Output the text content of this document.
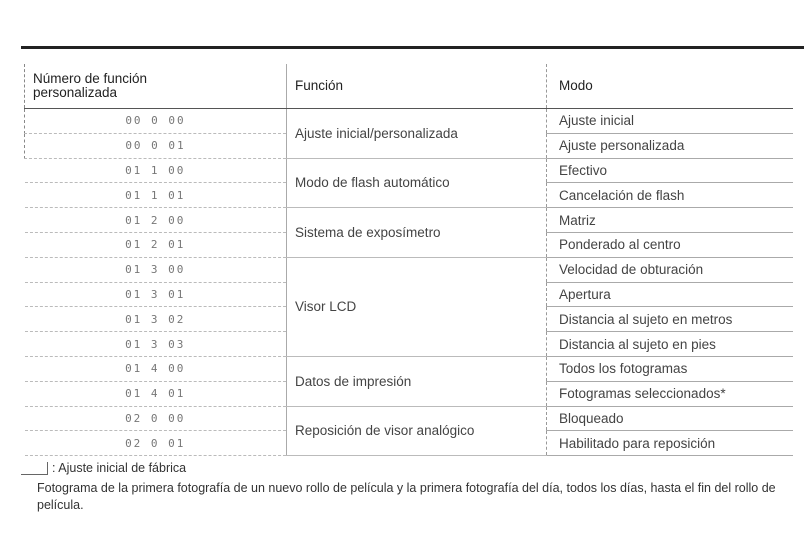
Número de función
personalizada	Función	Modo
00 0 00	Ajuste inicial/personalizada	Ajuste inicial
00 0 01		Ajuste personalizada
01 1 00	Modo de flash automático	Efectivo
01 1 01		Cancelación de flash
01 2 00	Sistema de exposímetro	Matriz
01 2 01		Ponderado al centro
01 3 00	Visor LCD	Velocidad de obturación
01 3 01		Apertura
01 3 02		Distancia al sujeto en metros
01 3 03		Distancia al sujeto en pies
01 4 00	Datos de impresión	Todos los fotogramas
01 4 01		Fotogramas seleccionados*
02 0 00	Reposición de visor analógico	Bloqueado
02 0 01		Habilitado para reposición
: Ajuste inicial de fábrica
Fotograma de la primera fotografía de un nuevo rollo de película y la primera fotografía del día, todos los días, hasta el fin del rollo de película.
